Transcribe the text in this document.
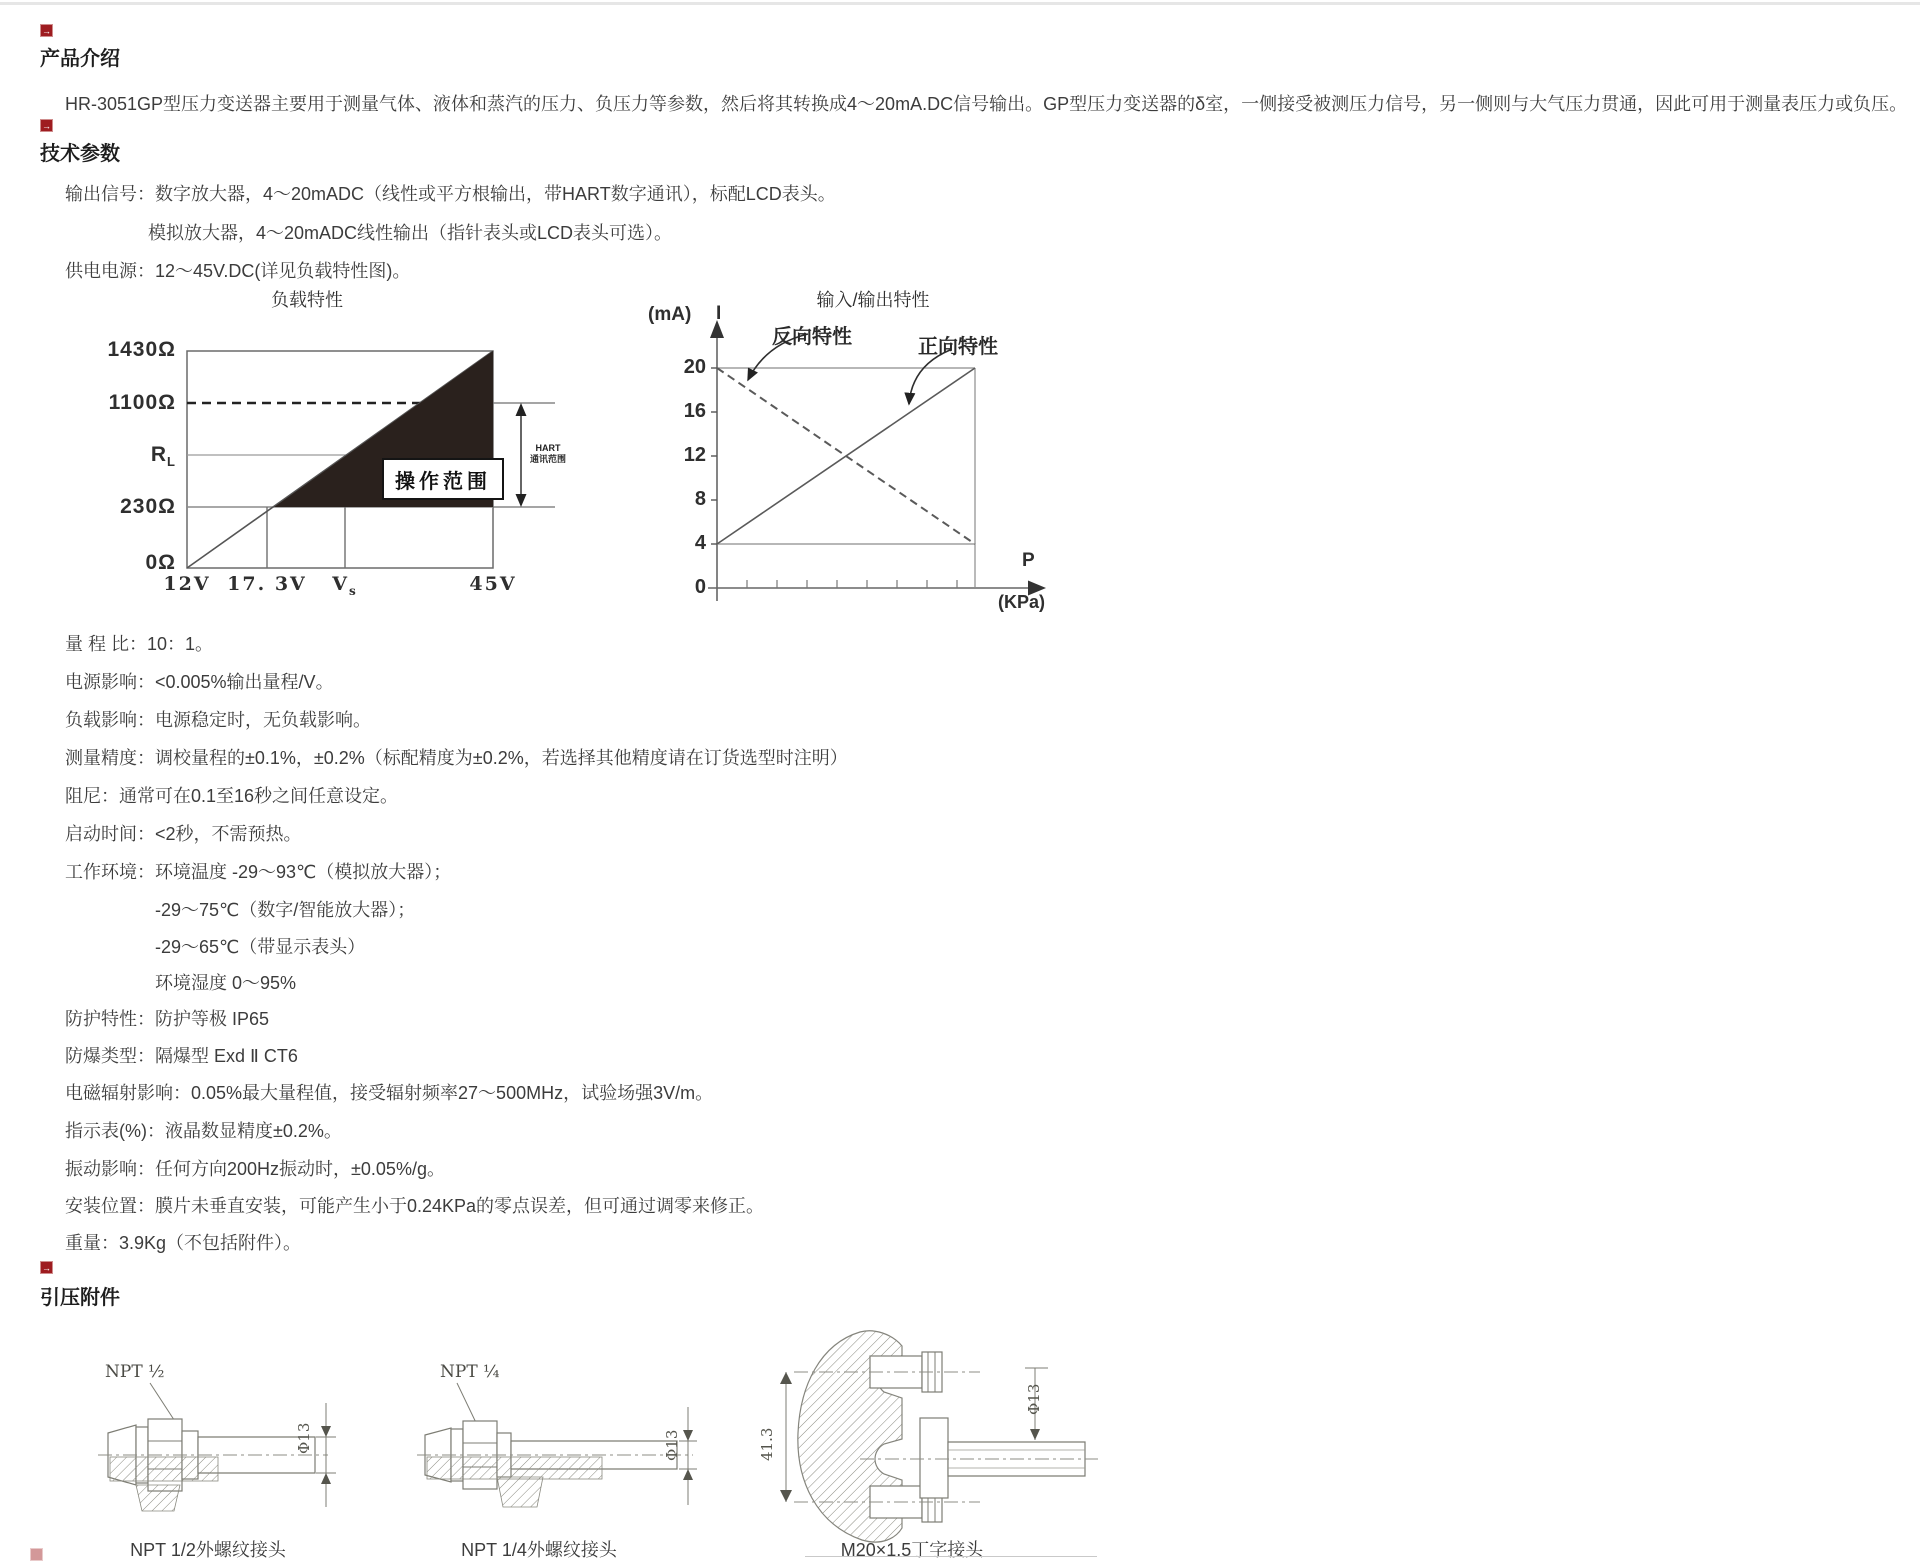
→
产品介绍
HR-3051GP型压力变送器主要用于测量气体、液体和蒸汽的压力、负压力等参数，然后将其转换成4～20mA.DC信号输出。GP型压力变送器的δ室，一侧接受被测压力信号，另一侧则与大气压力贯通，因此可用于测量表压力或负压。
→
技术参数
输出信号：数字放大器，4～20mADC（线性或平方根输出，带HART数字通讯），标配LCD表头。
模拟放大器，4～20mADC线性输出（指针表头或LCD表头可选）。
供电电源：12～45V.DC(详见负载特性图)。
负载特性
1430Ω
1100Ω
$R_L$
230Ω
0Ω
12V 17. 3V	$V_s$	45V
操作范围
HART
通讯范围
输入/输出特性
(mA) I
20
16
12
8
4
0
反向特性	正向特性
P
(KPa)
量 程 比：10：1。
电源影响：<0.005%输出量程/V。
负载影响：电源稳定时，无负载影响。
测量精度：调校量程的±0.1%，±0.2%（标配精度为±0.2%，若选择其他精度请在订货选型时注明）
阻尼：通常可在0.1至16秒之间任意设定。
启动时间：<2秒，不需预热。
工作环境：环境温度 -29～93℃（模拟放大器）；
-29～75℃（数字/智能放大器）；
-29～65℃（带显示表头）
环境湿度 0～95%
防护特性：防护等极 IP65
防爆类型：隔爆型 Exd Ⅱ CT6
电磁辐射影响：0.05%最大量程值，接受辐射频率27～500MHz，试验场强3V/m。
指示表(%)：液晶数显精度±0.2%。
振动影响：任何方向200Hz振动时，±0.05%/g。
安装位置：膜片未垂直安装，可能产生小于0.24KPa的零点误差，但可通过调零来修正。
重量：3.9Kg（不包括附件）。
→
引压附件
NPT ½
Φ13
NPT 1/2外螺纹接头
NPT ¼
Φ13
NPT 1/4外螺纹接头
41.3
Φ13
M20×1.5丁字接头
